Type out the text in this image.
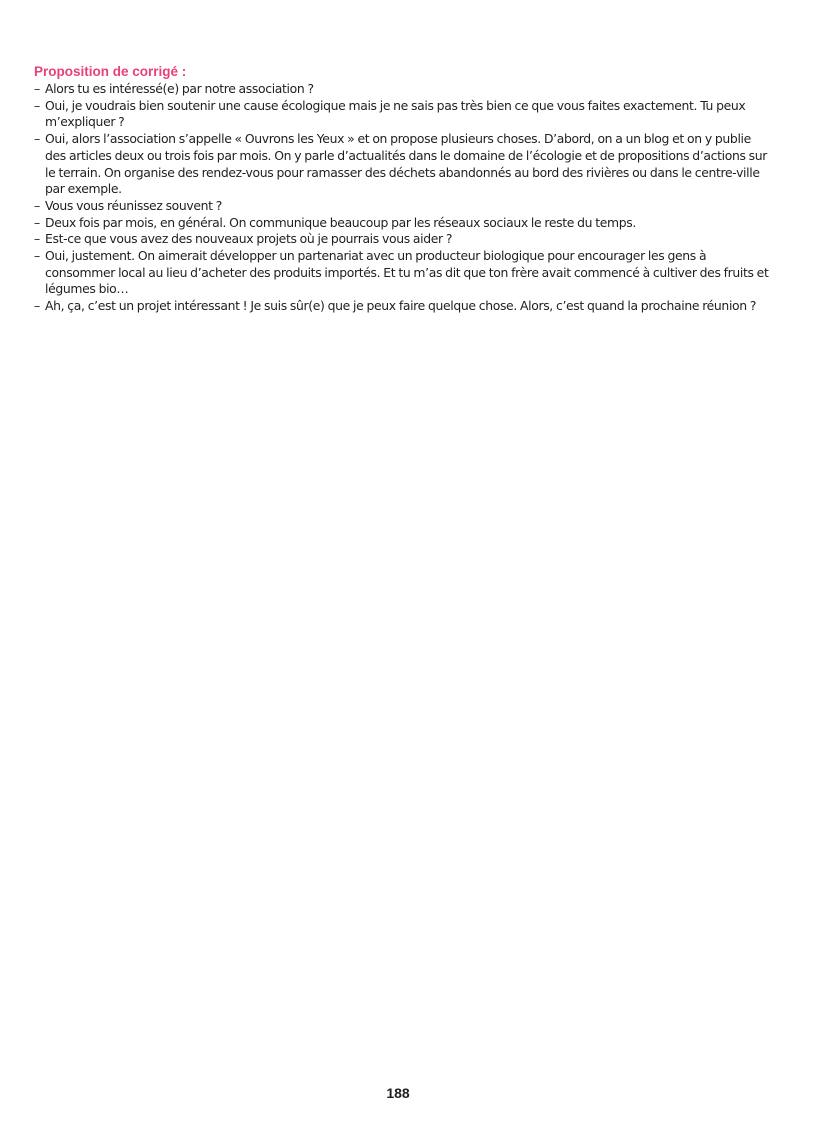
Proposition de corrigé :
– Alors tu es intéressé(e) par notre association ?
– Oui, je voudrais bien soutenir une cause écologique mais je ne sais pas très bien ce que vous faites exactement. Tu peux m’expliquer ?
– Oui, alors l’association s’appelle « Ouvrons les Yeux » et on propose plusieurs choses. D’abord, on a un blog et on y publie des articles deux ou trois fois par mois. On y parle d’actualités dans le domaine de l’écologie et de propositions d’actions sur le terrain. On organise des rendez-vous pour ramasser des déchets abandonnés au bord des rivières ou dans le centre-ville par exemple.
– Vous vous réunissez souvent ?
– Deux fois par mois, en général. On communique beaucoup par les réseaux sociaux le reste du temps.
– Est-ce que vous avez des nouveaux projets où je pourrais vous aider ?
– Oui, justement. On aimerait développer un partenariat avec un producteur biologique pour encourager les gens à consommer local au lieu d’acheter des produits importés. Et tu m’as dit que ton frère avait commencé à cultiver des fruits et légumes bio…
– Ah, ça, c’est un projet intéressant ! Je suis sûr(e) que je peux faire quelque chose. Alors, c’est quand la prochaine réunion ?
188
